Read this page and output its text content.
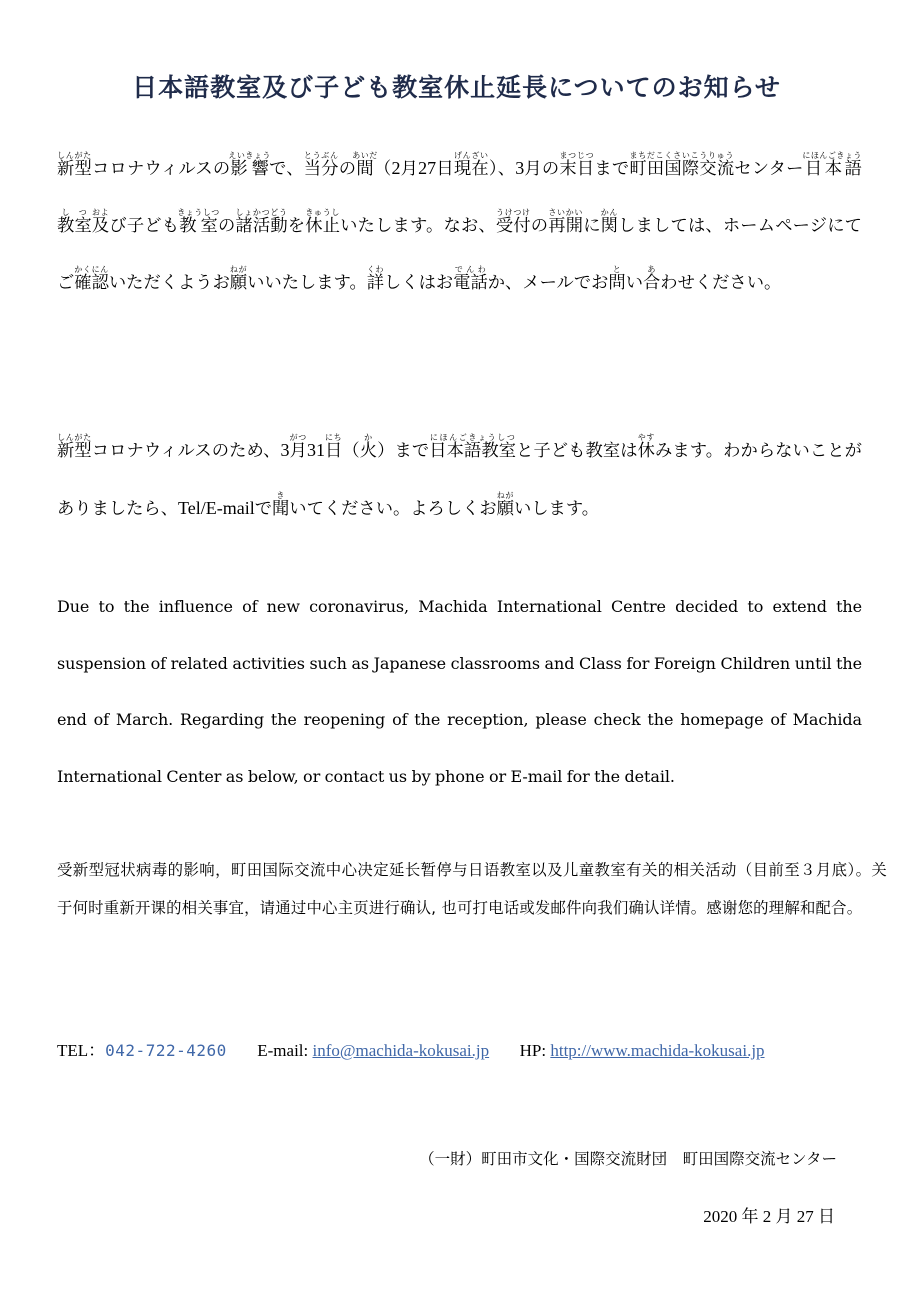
日本語教室及び子ども教室休止延長についてのお知らせ

新型しんがたコロナウィルスの影響えいきょうで、当分とうぶんの間あいだ（2月27日現在げんざい）、3月の末日まつじつまで町田国際交流まちだこくさいこうりゅうセンター日本語教室にほんごきょうしつ及および子ども教室きょうしつの諸活動しょかつどうを休止きゅうしいたします。なお、受付うけつけの再開さいかいに関かんしましては、ホームページにてご確認かくにんいただくようお願ねがいいたします。詳くわしくはお電話でんわか、メールでお問とい合あわせください。

新型しんがたコロナウィルスのため、3月がつ31日にち（火か）まで日本語教室にほんごきょうしつと子ども教室は休やすみます。わからないことがありましたら、Tel/E-mailで聞きいてください。よろしくお願ねがいします。

Due to the influence of new coronavirus, Machida International Centre decided to extend the suspension of related activities such as Japanese classrooms and Class for Foreign Children until the end of March. Regarding the reopening of the reception, please check the homepage of Machida International Center as below, or contact us by phone or E-mail for the detail.

受新型冠状病毒的影响，町田国际交流中心决定延长暂停与日语教室以及儿童教室有关的相关活动（目前至３月底）。关于何时重新开课的相关事宜，请通过中心主页进行确认, 也可打电话或发邮件向我们确认详情。感谢您的理解和配合。

TEL：042-722-4260 E-mail: info@machida-kokusai.jp HP: http://www.machida-kokusai.jp
（一財）町田市文化・国際交流財団　町田国際交流センター
2020 年 2 月 27 日
